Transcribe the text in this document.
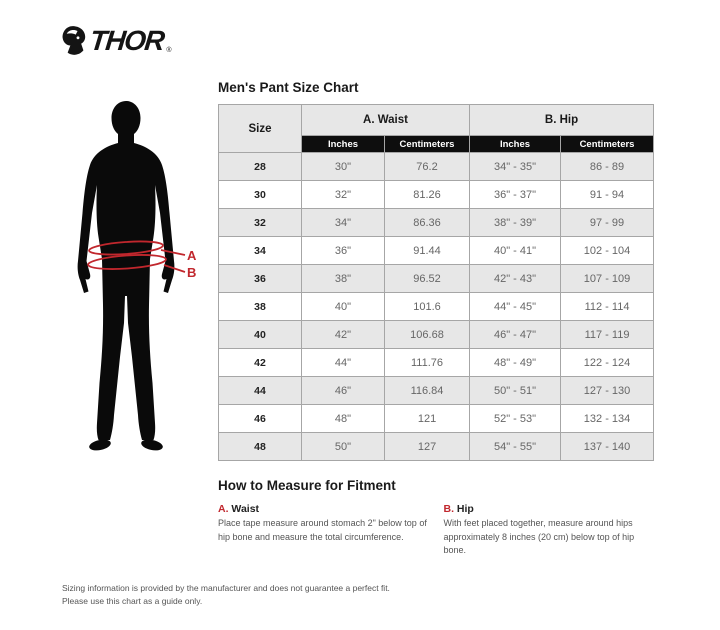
THOR ®
A
B
Men's Pant Size Chart
Size	A. Waist		B. Hip	
	Inches	Centimeters	Inches	Centimeters
28	30"	76.2	34" - 35"	86 - 89
30	32"	81.26	36" - 37"	91 - 94
32	34"	86.36	38" - 39"	97 - 99
34	36"	91.44	40" - 41"	102 - 104
36	38"	96.52	42" - 43"	107 - 109
38	40"	101.6	44" - 45"	112 - 114
40	42"	106.68	46" - 47"	117 - 119
42	44"	111.76	48" - 49"	122 - 124
44	46"	116.84	50" - 51"	127 - 130
46	48"	121	52" - 53"	132 - 134
48	50"	127	54" - 55"	137 - 140
How to Measure for Fitment
A. Waist
Place tape measure around stomach 2" below top of hip bone and measure the total circumference.
B. Hip
With feet placed together, measure around hips approximately 8 inches (20 cm) below top of hip bone.
Sizing information is provided by the manufacturer and does not guarantee a perfect fit.
Please use this chart as a guide only.
